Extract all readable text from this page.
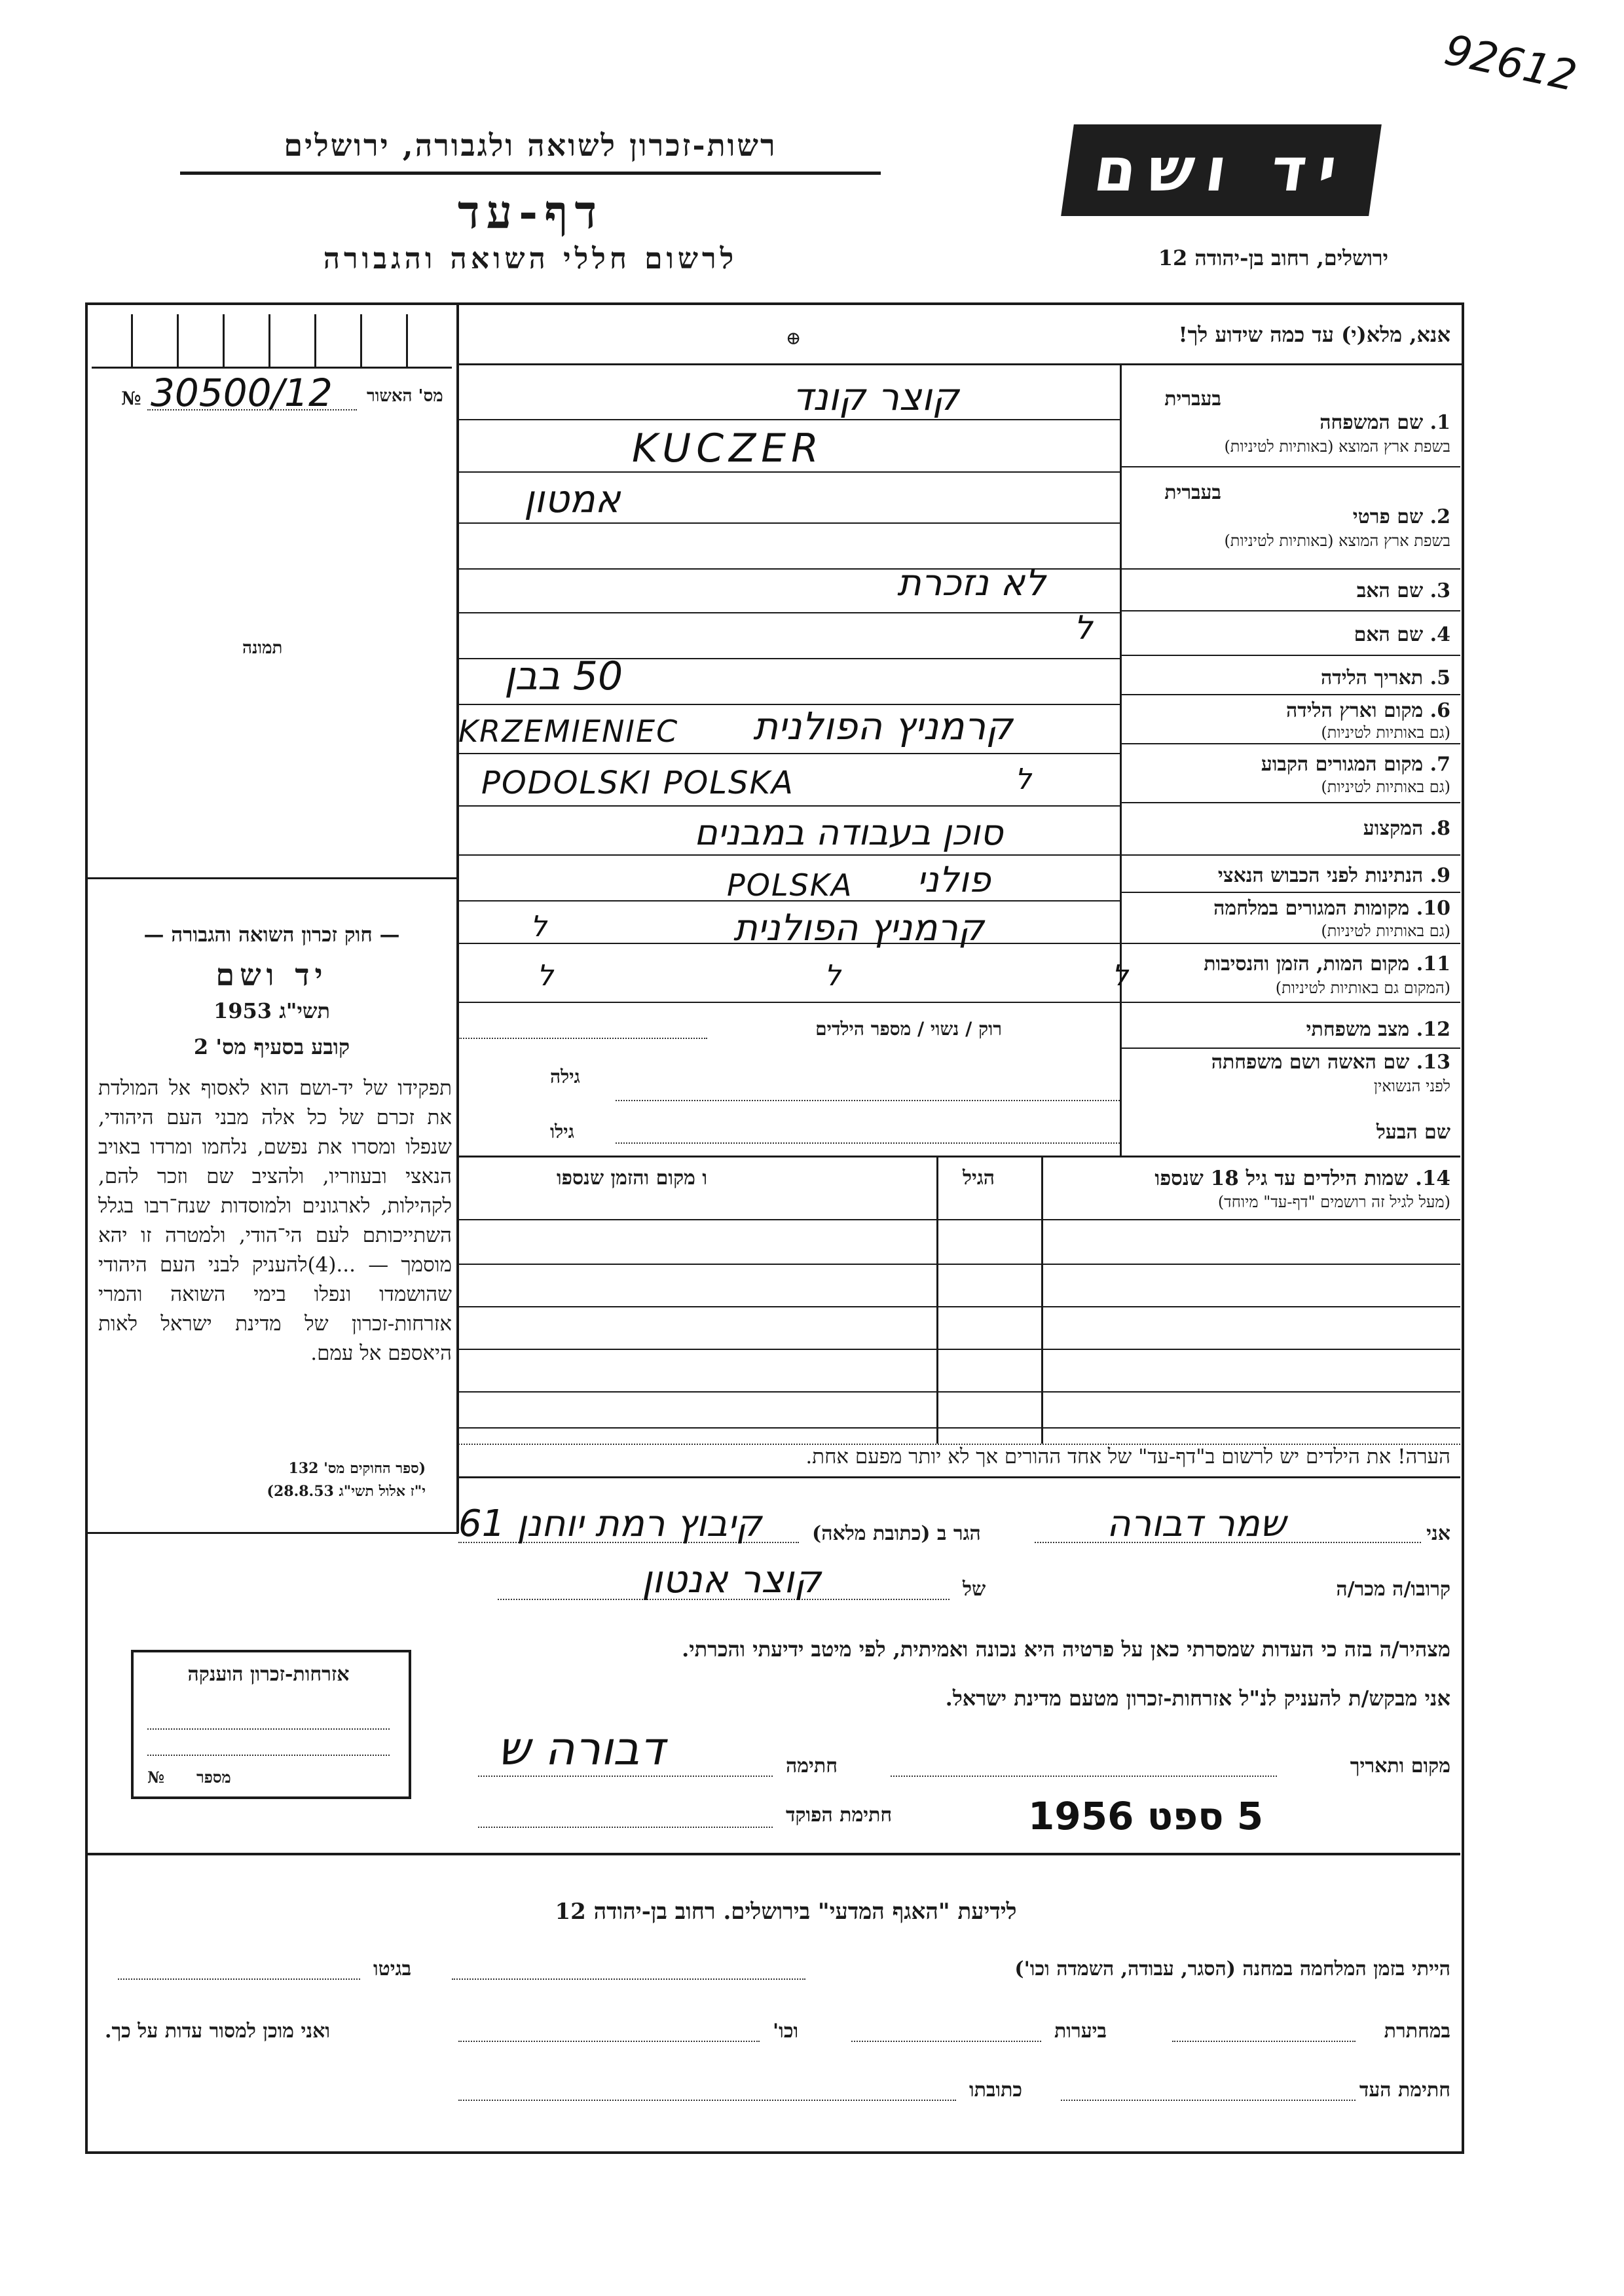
92612
רשות-זכרון לשואה ולגבורה, ירושלים
דף-עד
לרשום חללי השואה והגבורה
יד ושם
ירושלים, רחוב בן-יהודה 12
אנא, מלא(י) עד כמה שידוע לך!
⊕
מס' האשור
№ 30500/12
תמונה
— חוק זכרון השואה והגבורה —
יד ושם
תשי"ג 1953
קובע בסעיף מס' 2
תפקידו של יד-ושם הוא לאסוף אל המולדת את זכרם של כל אלה מבני העם היהודי, שנפלו ומסרו את נפשם, נלחמו ומרדו באויב הנאצי ובעוזריו, ולהציב שם וזכר להם, לקהילות, לארגונים ולמוסדות שנח־רבו בגלל השתייכותם לעם הי־הודי, ולמטרה זו יהא מוסמך — ...(4)להעניק לבני העם היהודי שהושמדו ונפלו בימי השואה והמרי אזרחות-זכרון של מדינת ישראל לאות היאספם אל עמם.
(ספר החוקים מס' 132
י"ז אלול תשי"ג 28.8.53)
בעברית
בעברית
1. שם המשפחה
בשפת ארץ המוצא (באותיות לטיניות)
2. שם פרטי
בשפת ארץ המוצא (באותיות לטיניות)
3. שם האב
4. שם האם
5. תאריך הלידה
6. מקום וארץ הלידה
(גם באותיות לטיניות)
7. מקום המגורים הקבוע
(גם באותיות לטיניות)
8. המקצוע
9. הנתינות לפני הכבוש הנאצי
10. מקומות המגורים במלחמה
(גם באותיות לטיניות)
11. מקום המות, הזמן והנסיבות
(המקום גם באותיות לטיניות)
12. מצב משפחתי
13. שם האשה ושם משפחתה
לפני הנשואין
שם הבעל
רוק / נשוי / מספר הילדים
גילה
גילו
קוצר קונד
KUCZER
אמטון
לא נזכרת
ל
50 בבן
KRZEMIENIEC קרמניץ הפולנית
PODOLSKI POLSKA	ל
סוכן בעבודה במבנים
POLSKA פולני
קרמניץ הפולנית
ל
ל ל ל
14. שמות הילדים עד גיל 18 שנספו
(מעל לגיל זה רושמים "דף-עד" מיוחד)
הגיל
ו מקום והזמן שנספו
הערה! את הילדים יש לרשום ב"דף-עד" של אחד ההורים אך לא יותר מפעם אחת.
אני
שמר דבורה
הגר ב (כתובת מלאה)
קיבוץ רמת יוחנן 61
קרובו/ה מכר/ה
של
קוצר אנטון
מצהיר/ה בזה כי העדות שמסרתי כאן על פרטיה היא נכונה ואמיתית, לפי מיטב ידיעתי והכרתי.
אני מבקש/ת להעניק לנ"ל אזרחות-זכרון מטעם מדינת ישראל.
מקום ותאריך
חתימה
דבורה ש
חתימת הפוקד	5 ספט 1956
אזרחות-זכרון הוענקה
מספר
№
לידיעת "האגף המדעי" בירושלים. רחוב בן-יהודה 12
הייתי בזמן המלחמה במחנה (הסגר, עבודה, השמדה וכו')
בגיטו
במחתרת
ביערות
וכו'
ואני מוכן למסור עדות על כך.
חתימת העד
כתובתו
